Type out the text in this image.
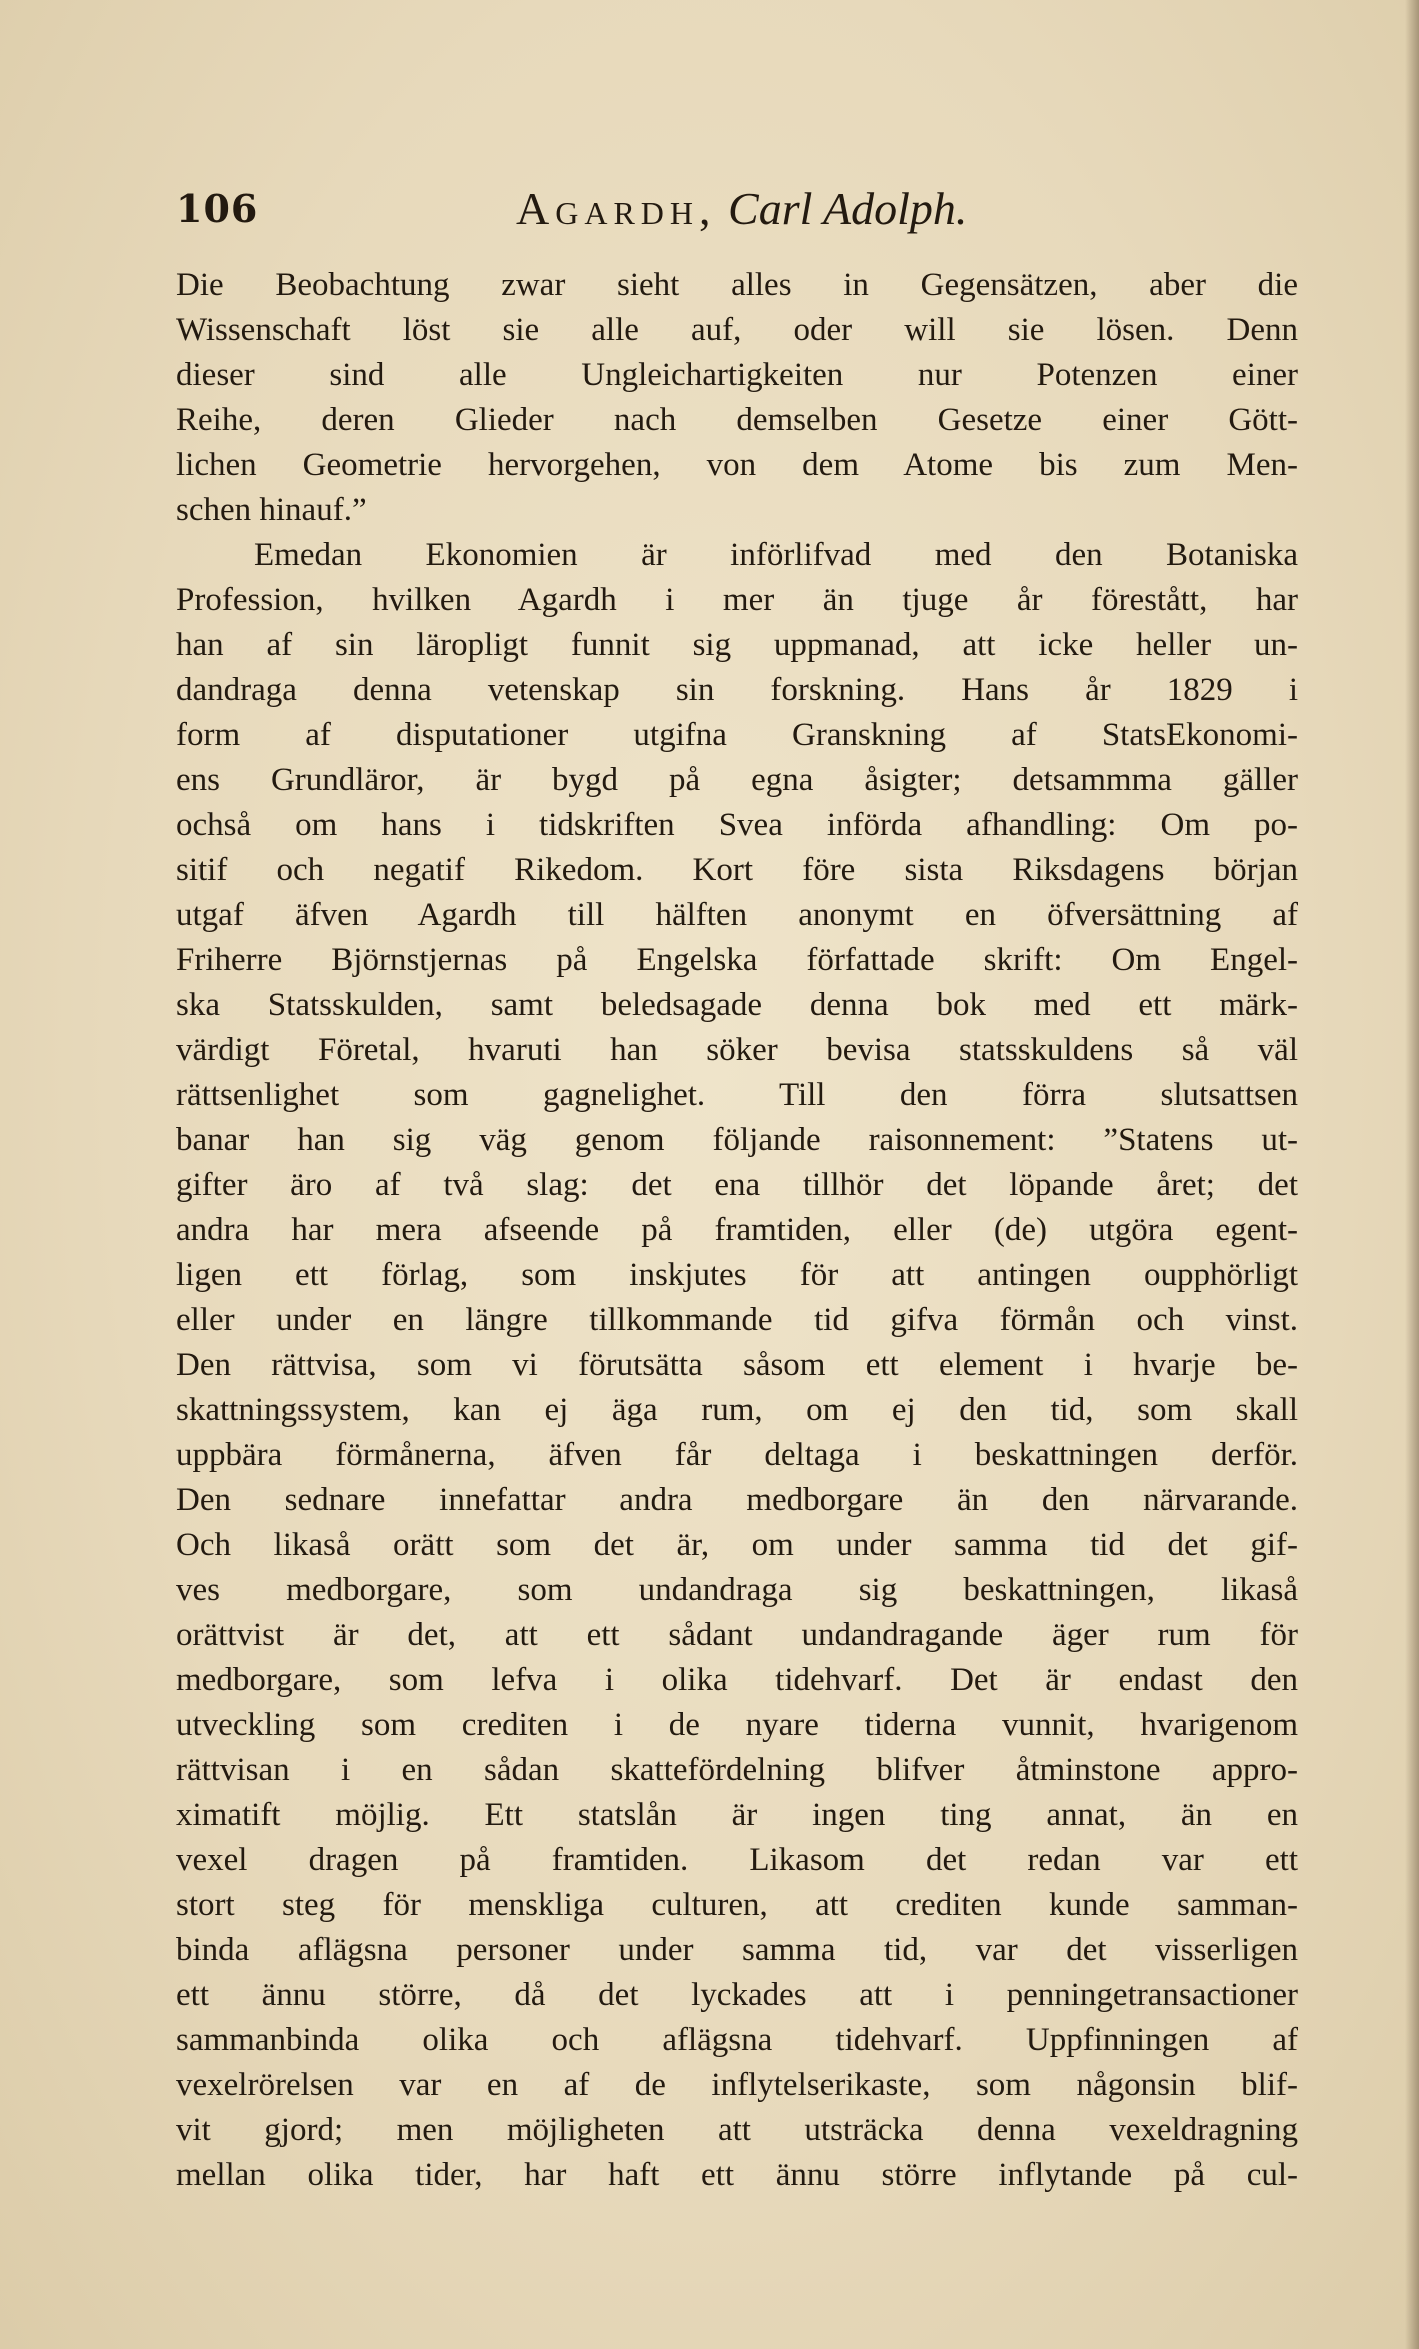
106	Agardh, Carl Adolph.
Die Beobachtung zwar sieht alles in Gegensätzen, aber die
Wissenschaft löst sie alle auf, oder will sie lösen. Denn
dieser sind alle Ungleichartigkeiten nur Potenzen einer
Reihe, deren Glieder nach demselben Gesetze einer Gött-
lichen Geometrie hervorgehen, von dem Atome bis zum Men-
schen hinauf.”
Emedan Ekonomien är införlifvad med den Botaniska
Profession, hvilken Agardh i mer än tjuge år förestått, har
han af sin läropligt funnit sig uppmanad, att icke heller un-
dandraga denna vetenskap sin forskning. Hans år 1829 i
form af disputationer utgifna Granskning af StatsEkonomi-
ens Grundläror, är bygd på egna åsigter; detsammma gäller
ochså om hans i tidskriften Svea införda afhandling: Om po-
sitif och negatif Rikedom. Kort före sista Riksdagens början
utgaf äfven Agardh till hälften anonymt en öfversättning af
Friherre Björnstjernas på Engelska författade skrift: Om Engel-
ska Statsskulden, samt beledsagade denna bok med ett märk-
värdigt Företal, hvaruti han söker bevisa statsskuldens så väl
rättsenlighet som gagnelighet. Till den förra slutsattsen
banar han sig väg genom följande raisonnement: ”Statens ut-
gifter äro af två slag: det ena tillhör det löpande året; det
andra har mera afseende på framtiden, eller (de) utgöra egent-
ligen ett förlag, som inskjutes för att antingen oupphörligt
eller under en längre tillkommande tid gifva förmån och vinst.
Den rättvisa, som vi förutsätta såsom ett element i hvarje be-
skattningssystem, kan ej äga rum, om ej den tid, som skall
uppbära förmånerna, äfven får deltaga i beskattningen derför.
Den sednare innefattar andra medborgare än den närvarande.
Och likaså orätt som det är, om under samma tid det gif-
ves medborgare, som undandraga sig beskattningen, likaså
orättvist är det, att ett sådant undandragande äger rum för
medborgare, som lefva i olika tidehvarf. Det är endast den
utveckling som crediten i de nyare tiderna vunnit, hvarigenom
rättvisan i en sådan skattefördelning blifver åtminstone appro-
ximatift möjlig. Ett statslån är ingen ting annat, än en
vexel dragen på framtiden. Likasom det redan var ett
stort steg för menskliga culturen, att crediten kunde samman-
binda aflägsna personer under samma tid, var det visserligen
ett ännu större, då det lyckades att i penningetransactioner
sammanbinda olika och aflägsna tidehvarf. Uppfinningen af
vexelrörelsen var en af de inflytelserikaste, som någonsin blif-
vit gjord; men möjligheten att utsträcka denna vexeldragning
mellan olika tider, har haft ett ännu större inflytande på cul-
